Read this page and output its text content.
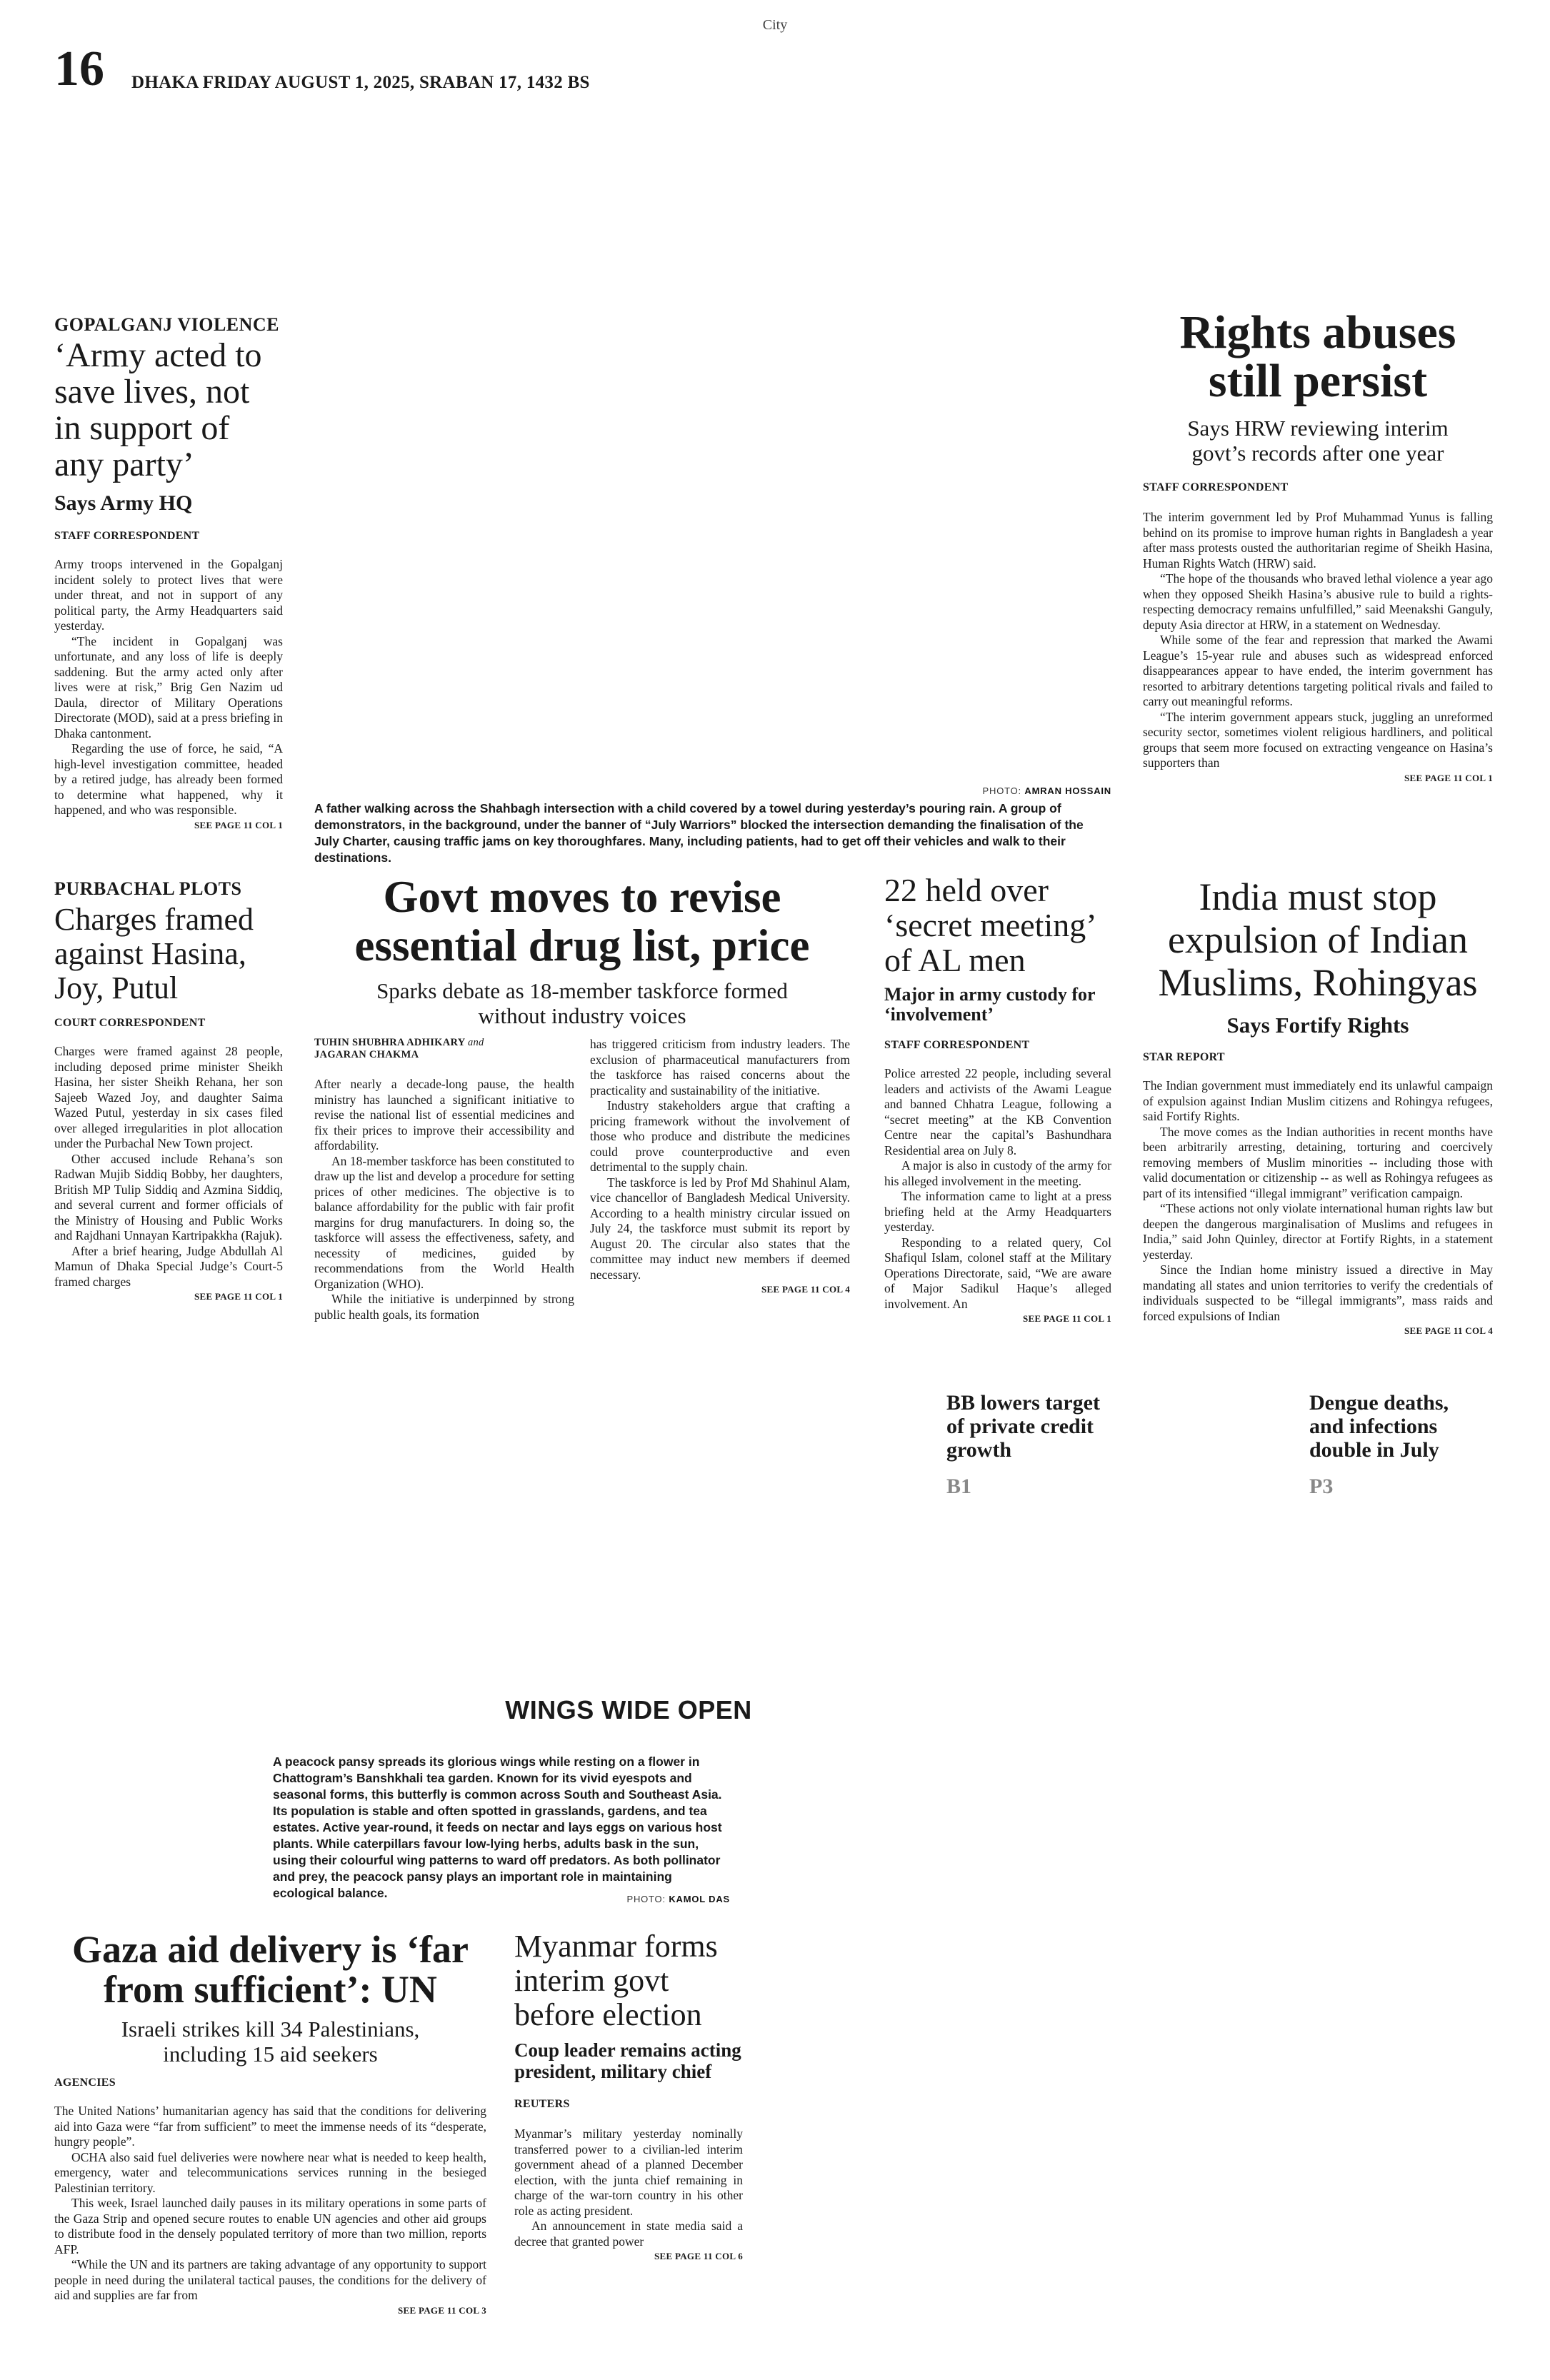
City
16 DHAKA FRIDAY AUGUST 1, 2025, SRABAN 17, 1432 BS
GOPALGANJ VIOLENCE
‘Army acted to save lives, not in support of any party’
Says Army HQ
STAFF CORRESPONDENT

Army troops intervened in the Gopalganj incident solely to protect lives that were under threat, and not in support of any political party, the Army Headquarters said yesterday.

“The incident in Gopalganj was unfortunate, and any loss of life is deeply saddening. But the army acted only after lives were at risk,” Brig Gen Nazim ud Daula, director of Military Operations Directorate (MOD), said at a press briefing in Dhaka cantonment.

Regarding the use of force, he said, “A high-level investigation committee, headed by a retired judge, has already been formed to determine what happened, why it happened, and who was responsible.

SEE PAGE 11 COL 1
PHOTO: AMRAN HOSSAIN
A father walking across the Shahbagh intersection with a child covered by a towel during yesterday’s pouring rain. A group of demonstrators, in the background, under the banner of “July Warriors” blocked the intersection demanding the finalisation of the July Charter, causing traffic jams on key thoroughfares. Many, including patients, had to get off their vehicles and walk to their destinations.
Rights abuses still persist
Says HRW reviewing interim govt’s records after one year
STAFF CORRESPONDENT

The interim government led by Prof Muhammad Yunus is falling behind on its promise to improve human rights in Bangladesh a year after mass protests ousted the authoritarian regime of Sheikh Hasina, Human Rights Watch (HRW) said.

“The hope of the thousands who braved lethal violence a year ago when they opposed Sheikh Hasina’s abusive rule to build a rights-respecting democracy remains unfulfilled,” said Meenakshi Ganguly, deputy Asia director at HRW, in a statement on Wednesday.

While some of the fear and repression that marked the Awami League’s 15-year rule and abuses such as widespread enforced disappearances appear to have ended, the interim government has resorted to arbitrary detentions targeting political rivals and failed to carry out meaningful reforms.

“The interim government appears stuck, juggling an unreformed security sector, sometimes violent religious hardliners, and political groups that seem more focused on extracting vengeance on Hasina’s supporters than

SEE PAGE 11 COL 1
PURBACHAL PLOTS
Charges framed against Hasina, Joy, Putul
COURT CORRESPONDENT

Charges were framed against 28 people, including deposed prime minister Sheikh Hasina, her sister Sheikh Rehana, her son Sajeeb Wazed Joy, and daughter Saima Wazed Putul, yesterday in six cases filed over alleged irregularities in plot allocation under the Purbachal New Town project.

Other accused include Rehana’s son Radwan Mujib Siddiq Bobby, her daughters, British MP Tulip Siddiq and Azmina Siddiq, and several current and former officials of the Ministry of Housing and Public Works and Rajdhani Unnayan Kartripakkha (Rajuk).

After a brief hearing, Judge Abdullah Al Mamun of Dhaka Special Judge’s Court-5 framed charges

SEE PAGE 11 COL 1
Govt moves to revise essential drug list, price
Sparks debate as 18-member taskforce formed without industry voices
TUHIN SHUBHRA ADHIKARY and
JAGARAN CHAKMA

After nearly a decade-long pause, the health ministry has launched a significant initiative to revise the national list of essential medicines and fix their prices to improve their accessibility and affordability.

An 18-member taskforce has been constituted to draw up the list and develop a procedure for setting prices of other medicines. The objective is to balance affordability for the public with fair profit margins for drug manufacturers. In doing so, the taskforce will assess the effectiveness, safety, and necessity of medicines, guided by recommendations from the World Health Organization (WHO).

While the initiative is underpinned by strong public health goals, its formation

has triggered criticism from industry leaders. The exclusion of pharmaceutical manufacturers from the taskforce has raised concerns about the practicality and sustainability of the initiative.

Industry stakeholders argue that crafting a pricing framework without the involvement of those who produce and distribute the medicines could prove counterproductive and even detrimental to the supply chain.

The taskforce is led by Prof Md Shahinul Alam, vice chancellor of Bangladesh Medical University. According to a health ministry circular issued on July 24, the taskforce must submit its report by August 20. The circular also states that the committee may induct new members if deemed necessary.

SEE PAGE 11 COL 4
22 held over ‘secret meeting’ of AL men
Major in army custody for ‘involvement’
STAFF CORRESPONDENT

Police arrested 22 people, including several leaders and activists of the Awami League and banned Chhatra League, following a “secret meeting” at the KB Convention Centre near the capital’s Bashundhara Residential area on July 8.

A major is also in custody of the army for his alleged involvement in the meeting.

The information came to light at a press briefing held at the Army Headquarters yesterday.

Responding to a related query, Col Shafiqul Islam, colonel staff at the Military Operations Directorate, said, “We are aware of Major Sadikul Haque’s alleged involvement. An

SEE PAGE 11 COL 1
India must stop expulsion of Indian Muslims, Rohingyas
Says Fortify Rights
STAR REPORT

The Indian government must immediately end its unlawful campaign of expulsion against Indian Muslim citizens and Rohingya refugees, said Fortify Rights.

The move comes as the Indian authorities in recent months have been arbitrarily arresting, detaining, torturing and coercively removing members of Muslim minorities -- including those with valid documentation or citizenship -- as well as Rohingya refugees as part of its intensified “illegal immigrant” verification campaign.

“These actions not only violate international human rights law but deepen the dangerous marginalisation of Muslims and refugees in India,” said John Quinley, director at Fortify Rights, in a statement yesterday.

Since the Indian home ministry issued a directive in May mandating all states and union territories to verify the credentials of individuals suspected to be “illegal immigrants”, mass raids and forced expulsions of Indian

SEE PAGE 11 COL 4
BB lowers target of private credit growth
B1
Dengue deaths, and infections double in July
P3
WINGS WIDE OPEN
A peacock pansy spreads its glorious wings while resting on a flower in Chattogram’s Banshkhali tea garden. Known for its vivid eyespots and seasonal forms, this butterfly is common across South and Southeast Asia. Its population is stable and often spotted in grasslands, gardens, and tea estates. Active year-round, it feeds on nectar and lays eggs on various host plants. While caterpillars favour low-lying herbs, adults bask in the sun, using their colourful wing patterns to ward off predators. As both pollinator and prey, the peacock pansy plays an important role in maintaining ecological balance.	PHOTO: KAMOL DAS
Gaza aid delivery is ‘far from sufficient’: UN
Israeli strikes kill 34 Palestinians, including 15 aid seekers
AGENCIES

The United Nations’ humanitarian agency has said that the conditions for delivering aid into Gaza were “far from sufficient” to meet the immense needs of its “desperate, hungry people”.

OCHA also said fuel deliveries were nowhere near what is needed to keep health, emergency, water and telecommunications services running in the besieged Palestinian territory.

This week, Israel launched daily pauses in its military operations in some parts of the Gaza Strip and opened secure routes to enable UN agencies and other aid groups to distribute food in the densely populated territory of more than two million, reports AFP.

“While the UN and its partners are taking advantage of any opportunity to support people in need during the unilateral tactical pauses, the conditions for the delivery of aid and supplies are far from

SEE PAGE 11 COL 3
Myanmar forms interim govt before election
Coup leader remains acting president, military chief
REUTERS

Myanmar’s military yesterday nominally transferred power to a civilian-led interim government ahead of a planned December election, with the junta chief remaining in charge of the war-torn country in his other role as acting president.

An announcement in state media said a decree that granted power

SEE PAGE 11 COL 6
